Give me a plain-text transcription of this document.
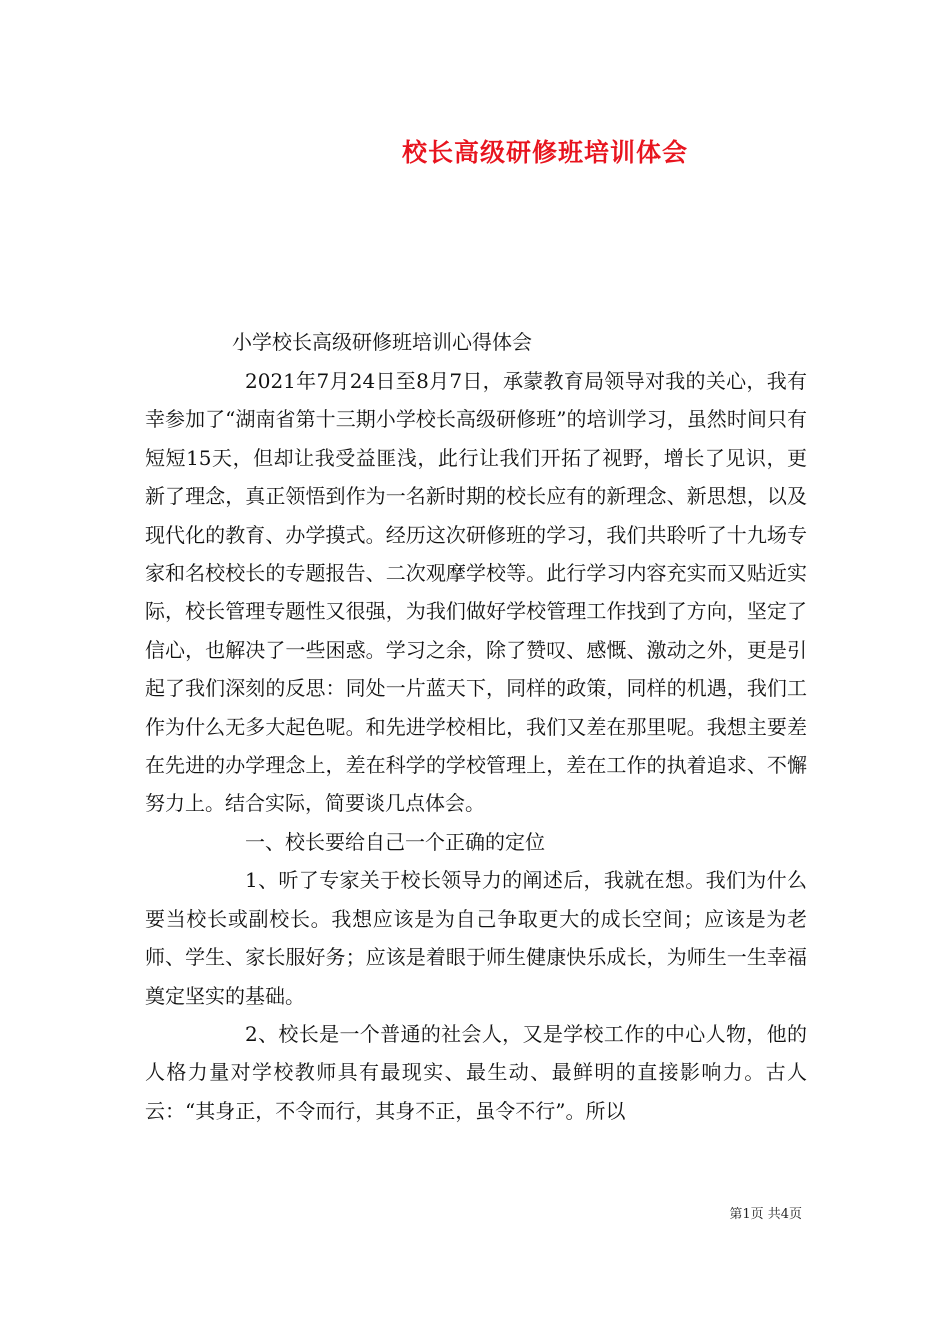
校长高级研修班培训体会
小学校长高级研修班培训心得体会

2021年7月24日至8月7日，承蒙教育局领导对我的关心，我有幸参加了“湖南省第十三期小学校长高级研修班”的培训学习，虽然时间只有短短15天，但却让我受益匪浅，此行让我们开拓了视野，增长了见识，更新了理念，真正领悟到作为一名新时期的校长应有的新理念、新思想，以及现代化的教育、办学摸式。经历这次研修班的学习，我们共聆听了十九场专家和名校校长的专题报告、二次观摩学校等。此行学习内容充实而又贴近实际，校长管理专题性又很强，为我们做好学校管理工作找到了方向，坚定了信心，也解决了一些困惑。学习之余，除了赞叹、感慨、激动之外，更是引起了我们深刻的反思：同处一片蓝天下，同样的政策，同样的机遇，我们工作为什么无多大起色呢。和先进学校相比，我们又差在那里呢。我想主要差在先进的办学理念上，差在科学的学校管理上，差在工作的执着追求、不懈努力上。结合实际，简要谈几点体会。

一、校长要给自己一个正确的定位

1、听了专家关于校长领导力的阐述后，我就在想。我们为什么要当校长或副校长。我想应该是为自己争取更大的成长空间；应该是为老师、学生、家长服好务；应该是着眼于师生健康快乐成长，为师生一生幸福奠定坚实的基础。

2、校长是一个普通的社会人，又是学校工作的中心人物，他的人格力量对学校教师具有最现实、最生动、最鲜明的直接影响力。古人云：“其身正，不令而行，其身不正，虽令不行”。所以

第1页 共4页
